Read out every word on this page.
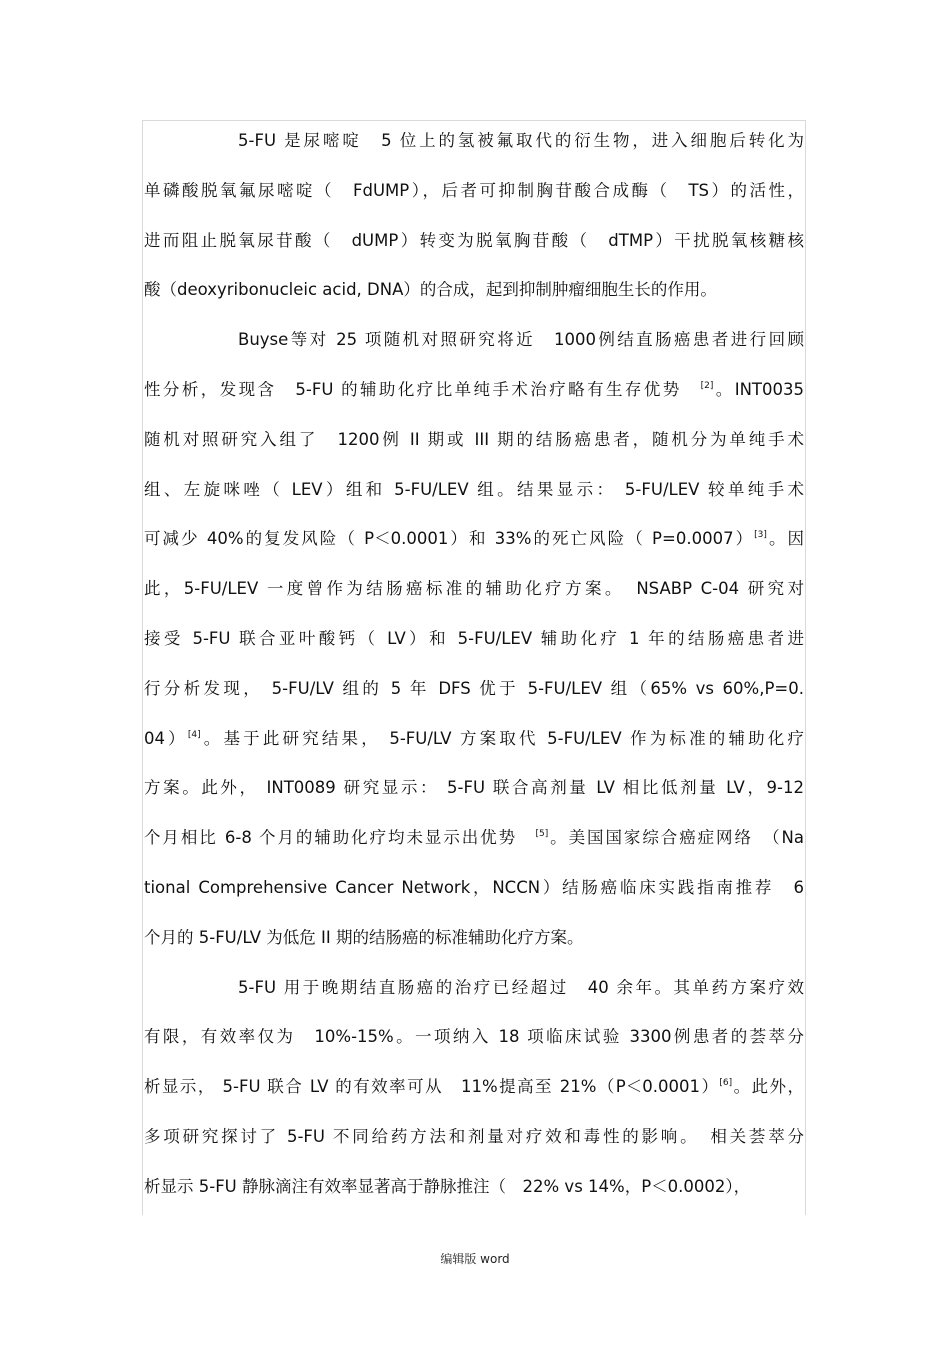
5-FU 是尿嘧啶　5 位上的氢被氟取代的衍生物，进入细胞后转化为
单磷酸脱氧氟尿嘧啶（　FdUMP），后者可抑制胸苷酸合成酶（　TS）的活性，
进而阻止脱氧尿苷酸（　dUMP）转变为脱氧胸苷酸（　dTMP）干扰脱氧核糖核
酸（deoxyribonucleic acid, DNA）的合成，起到抑制肿瘤细胞生长的作用。
Buyse等对 25 项随机对照研究将近　1000例结直肠癌患者进行回顾
性分析，发现含　5-FU 的辅助化疗比单纯手术治疗略有生存优势　[2]。INT0035
随机对照研究入组了　1200例 II 期或 III 期的结肠癌患者，随机分为单纯手术
组、左旋咪唑（ LEV）组和 5-FU/LEV 组。结果显示： 5-FU/LEV 较单纯手术
可减少 40%的复发风险（ P＜0.0001）和 33%的死亡风险（ P=0.0007）[3]。因
此，5-FU/LEV 一度曾作为结肠癌标准的辅助化疗方案。　NSABP C-04 研究对
接受 5-FU 联合亚叶酸钙（ LV）和 5-FU/LEV 辅助化疗 1 年的结肠癌患者进
行分析发现， 5-FU/LV 组的 5 年 DFS 优于 5-FU/LEV 组（65% vs 60%,P=0.
04）[4]。基于此研究结果， 5-FU/LV 方案取代 5-FU/LEV 作为标准的辅助化疗
方案。此外， INT0089 研究显示： 5-FU 联合高剂量 LV 相比低剂量 LV，9-12
个月相比 6-8 个月的辅助化疗均未显示出优势　[5]。美国国家综合癌症网络　（Na
tional Comprehensive Cancer Network，NCCN）结肠癌临床实践指南推荐　6
个月的 5-FU/LV 为低危 II 期的结肠癌的标准辅助化疗方案。
5-FU 用于晚期结直肠癌的治疗已经超过　40 余年。其单药方案疗效
有限，有效率仅为　10%-15%。一项纳入 18 项临床试验 3300例患者的荟萃分
析显示， 5-FU 联合 LV 的有效率可从　11%提高至 21%（P＜0.0001）[6]。此外，
多项研究探讨了 5-FU 不同给药方法和剂量对疗效和毒性的影响。　相关荟萃分
析显示 5-FU 静脉滴注有效率显著高于静脉推注（　22% vs 14%，P＜0.0002），
编辑版 word
